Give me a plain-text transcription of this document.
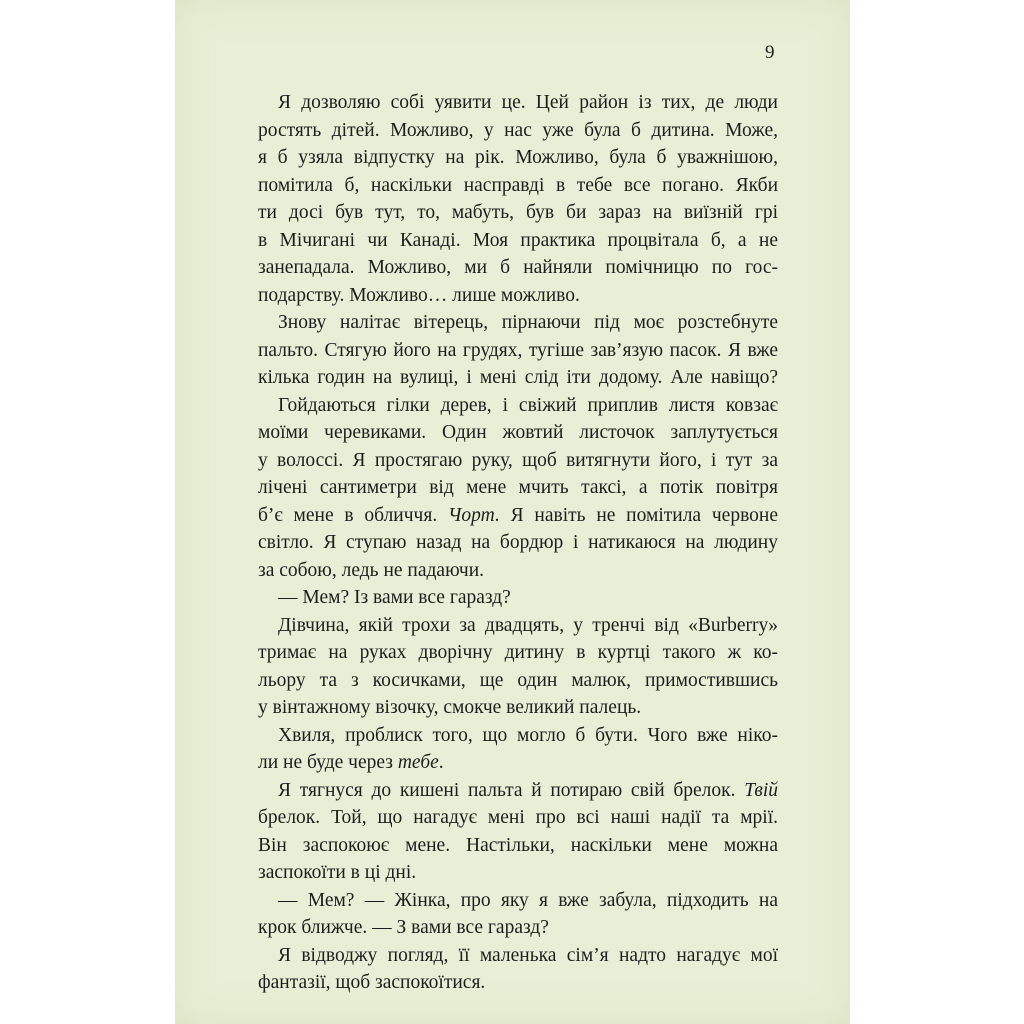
9
Я дозволяю собі уявити це. Цей район із тих, де люди
ростять дітей. Можливо, у нас уже була б дитина. Може,
я б узяла відпустку на рік. Можливо, була б уважнішою,
помітила б, наскільки насправді в тебе все погано. Якби
ти досі був тут, то, мабуть, був би зараз на виїзній грі
в Мічигані чи Канаді. Моя практика процвітала б, а не
занепадала. Можливо, ми б найняли помічницю по гос-
подарству. Можливо… лише можливо.
Знову налітає вітерець, пірнаючи під моє розстебнуте
пальто. Стягую його на грудях, тугіше зав’язую пасок. Я вже
кілька годин на вулиці, і мені слід іти додому. Але навіщо?
Гойдаються гілки дерев, і свіжий приплив листя ковзає
моїми черевиками. Один жовтий листочок заплутується
у волоссі. Я простягаю руку, щоб витягнути його, і тут за
лічені сантиметри від мене мчить таксі, а потік повітря
б’є мене в обличчя. Чорт. Я навіть не помітила червоне
світло. Я ступаю назад на бордюр і натикаюся на людину
за собою, ледь не падаючи.
— Мем? Із вами все гаразд?
Дівчина, якій трохи за двадцять, у тренчі від «Burberry»
тримає на руках дворічну дитину в куртці такого ж ко-
льору та з косичками, ще один малюк, примостившись
у вінтажному візочку, смокче великий палець.
Хвиля, проблиск того, що могло б бути. Чого вже ніко-
ли не буде через тебе.
Я тягнуся до кишені пальта й потираю свій брелок. Твій
брелок. Той, що нагадує мені про всі наші надії та мрії.
Він заспокоює мене. Настільки, наскільки мене можна
заспокоїти в ці дні.
— Мем? — Жінка, про яку я вже забула, підходить на
крок ближче. — З вами все гаразд?
Я відводжу погляд, її маленька сім’я надто нагадує мої
фантазії, щоб заспокоїтися.
